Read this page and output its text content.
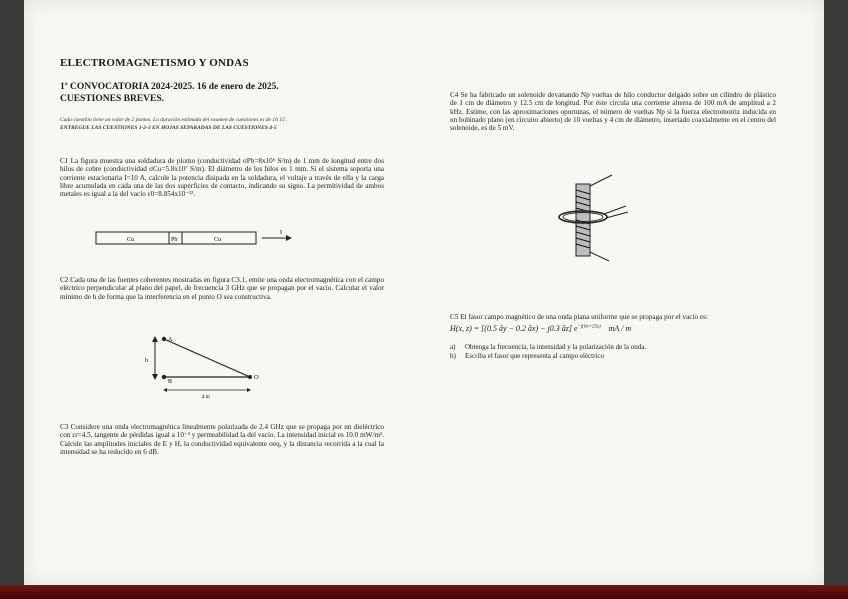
ELECTROMAGNETISMO Y ONDAS

1ª CONVOCATORIA 2024-2025. 16 de enero de 2025.

CUESTIONES BREVES.

Cada cuestión tiene un valor de 2 puntos. La duración estimada del examen de cuestiones es de 1h 15'.

ENTREGUE LAS CUESTIONES 1-2-3 EN HOJAS SEPARADAS DE LAS CUESTIONES 4-5

C1 La figura muestra una soldadura de plomo (conductividad σPb=8x10⁶ S/m) de 1 mm de longitud entre dos hilos de cobre (conductividad σCu=5.8x10⁷ S/m). El diámetro de los hilos es 1 mm. Si el sistema soporta una corriente estacionaria I=10 A, calcule la potencia disipada en la soldadura, el voltaje a través de ella y la carga libre acumulada en cada una de las dos superficies de contacto, indicando su signo. La permitividad de ambos metales es igual a la del vacío ε0=8.854x10⁻¹².

Cu	Pb	Cu
I

C2 Cada una de las fuentes coherentes mostradas en figura C3.1, emite una onda electromagnética con el campo eléctrico perpendicular al plano del papel, de frecuencia 3 GHz que se propagan por el vacío. Calcular el valor mínimo de h de forma que la interferencia en el punto O sea constructiva.

h
A
B
O
4 m

C3 Considere una onda electromagnética linealmente polarizada de 2.4 GHz que se propaga por un dieléctrico con εr=4.5, tangente de pérdidas igual a 10⁻² y permeabilidad la del vacío. La intensidad inicial es 10.0 mW/m². Calcule las amplitudes iniciales de E y H, la conductividad equivalente σeq, y la distancia recorrida a la cual la intensidad se ha reducido en 6 dB.

C4 Se ha fabricado un solenoide devanando Np vueltas de hilo conductor delgado sobre un cilindro de plástico de 1 cm de diámetro y 12.5 cm de longitud. Por éste circula una corriente alterna de 100 mA de amplitud a 2 kHz. Estime, con las aproximaciones oportunas, el número de vueltas Np si la fuerza electromotriz inducida en un bobinado plano (en circuito abierto) de 10 vueltas y 4 cm de diámetro, insertado coaxialmente en el centro del solenoide, es de 5 mV.

C5 El fasor campo magnético de una onda plana uniforme que se propaga por el vacío es:

H(x, z) = [(0.5 ây − 0.2 âx) − j0.3 âz] $e^{-j(6x+25z)}$ mA / m

a) Obtenga la frecuencia, la intensidad y la polarización de la onda.

b) Escriba el fasor que representa al campo eléctrico
